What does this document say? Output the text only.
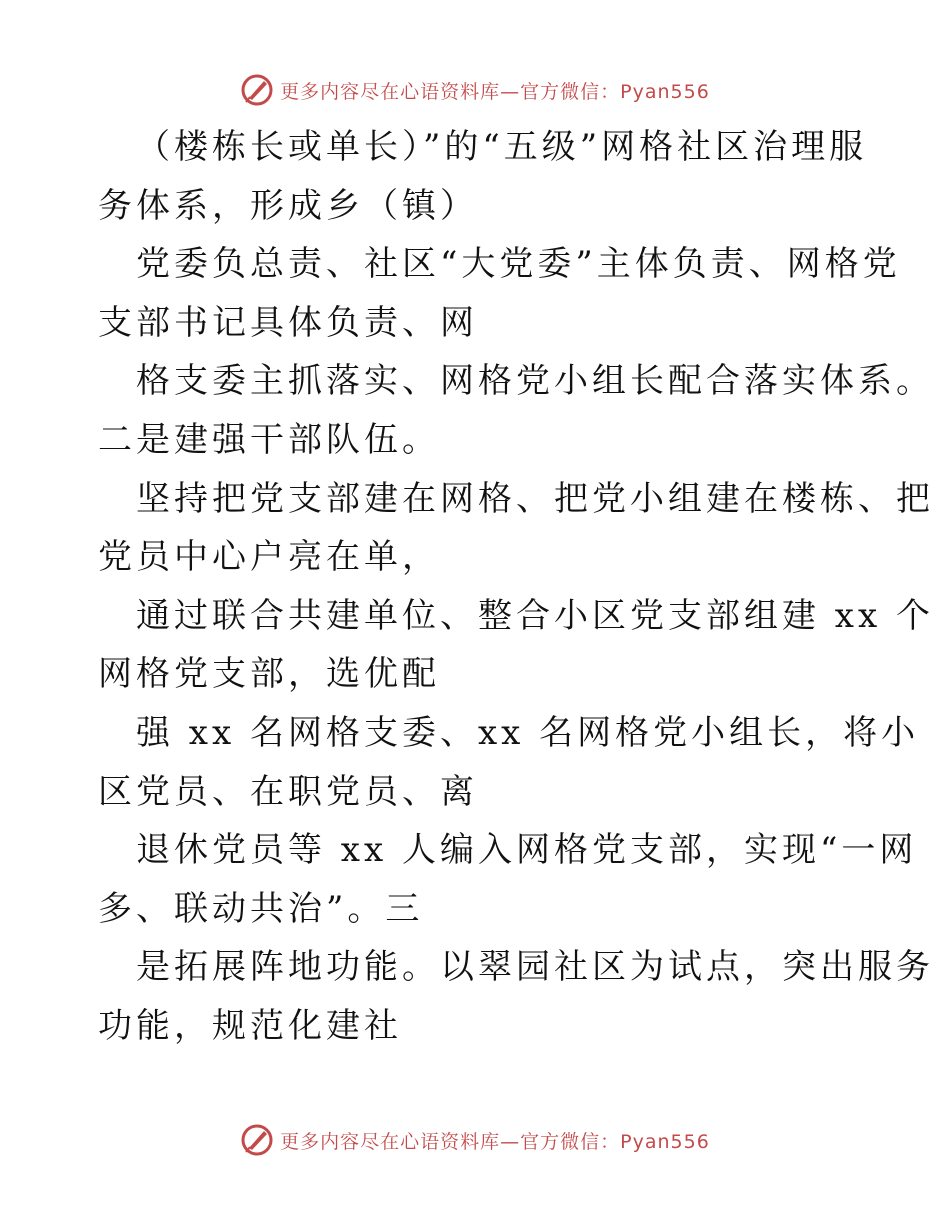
更多内容尽在心语资料库—官方微信：Pyan556
（楼栋长或单长）”的“五级”网格社区治理服
务体系，形成乡（镇）
党委负总责、社区“大党委”主体负责、网格党
支部书记具体负责、网
格支委主抓落实、网格党小组长配合落实体系。
二是建强干部队伍。
坚持把党支部建在网格、把党小组建在楼栋、把
党员中心户亮在单，
通过联合共建单位、整合小区党支部组建 xx 个
网格党支部，选优配
强 xx 名网格支委、xx 名网格党小组长，将小
区党员、在职党员、离
退休党员等 xx 人编入网格党支部，实现“一网
多、联动共治”。三
是拓展阵地功能。以翠园社区为试点，突出服务
功能，规范化建社
更多内容尽在心语资料库—官方微信：Pyan556
